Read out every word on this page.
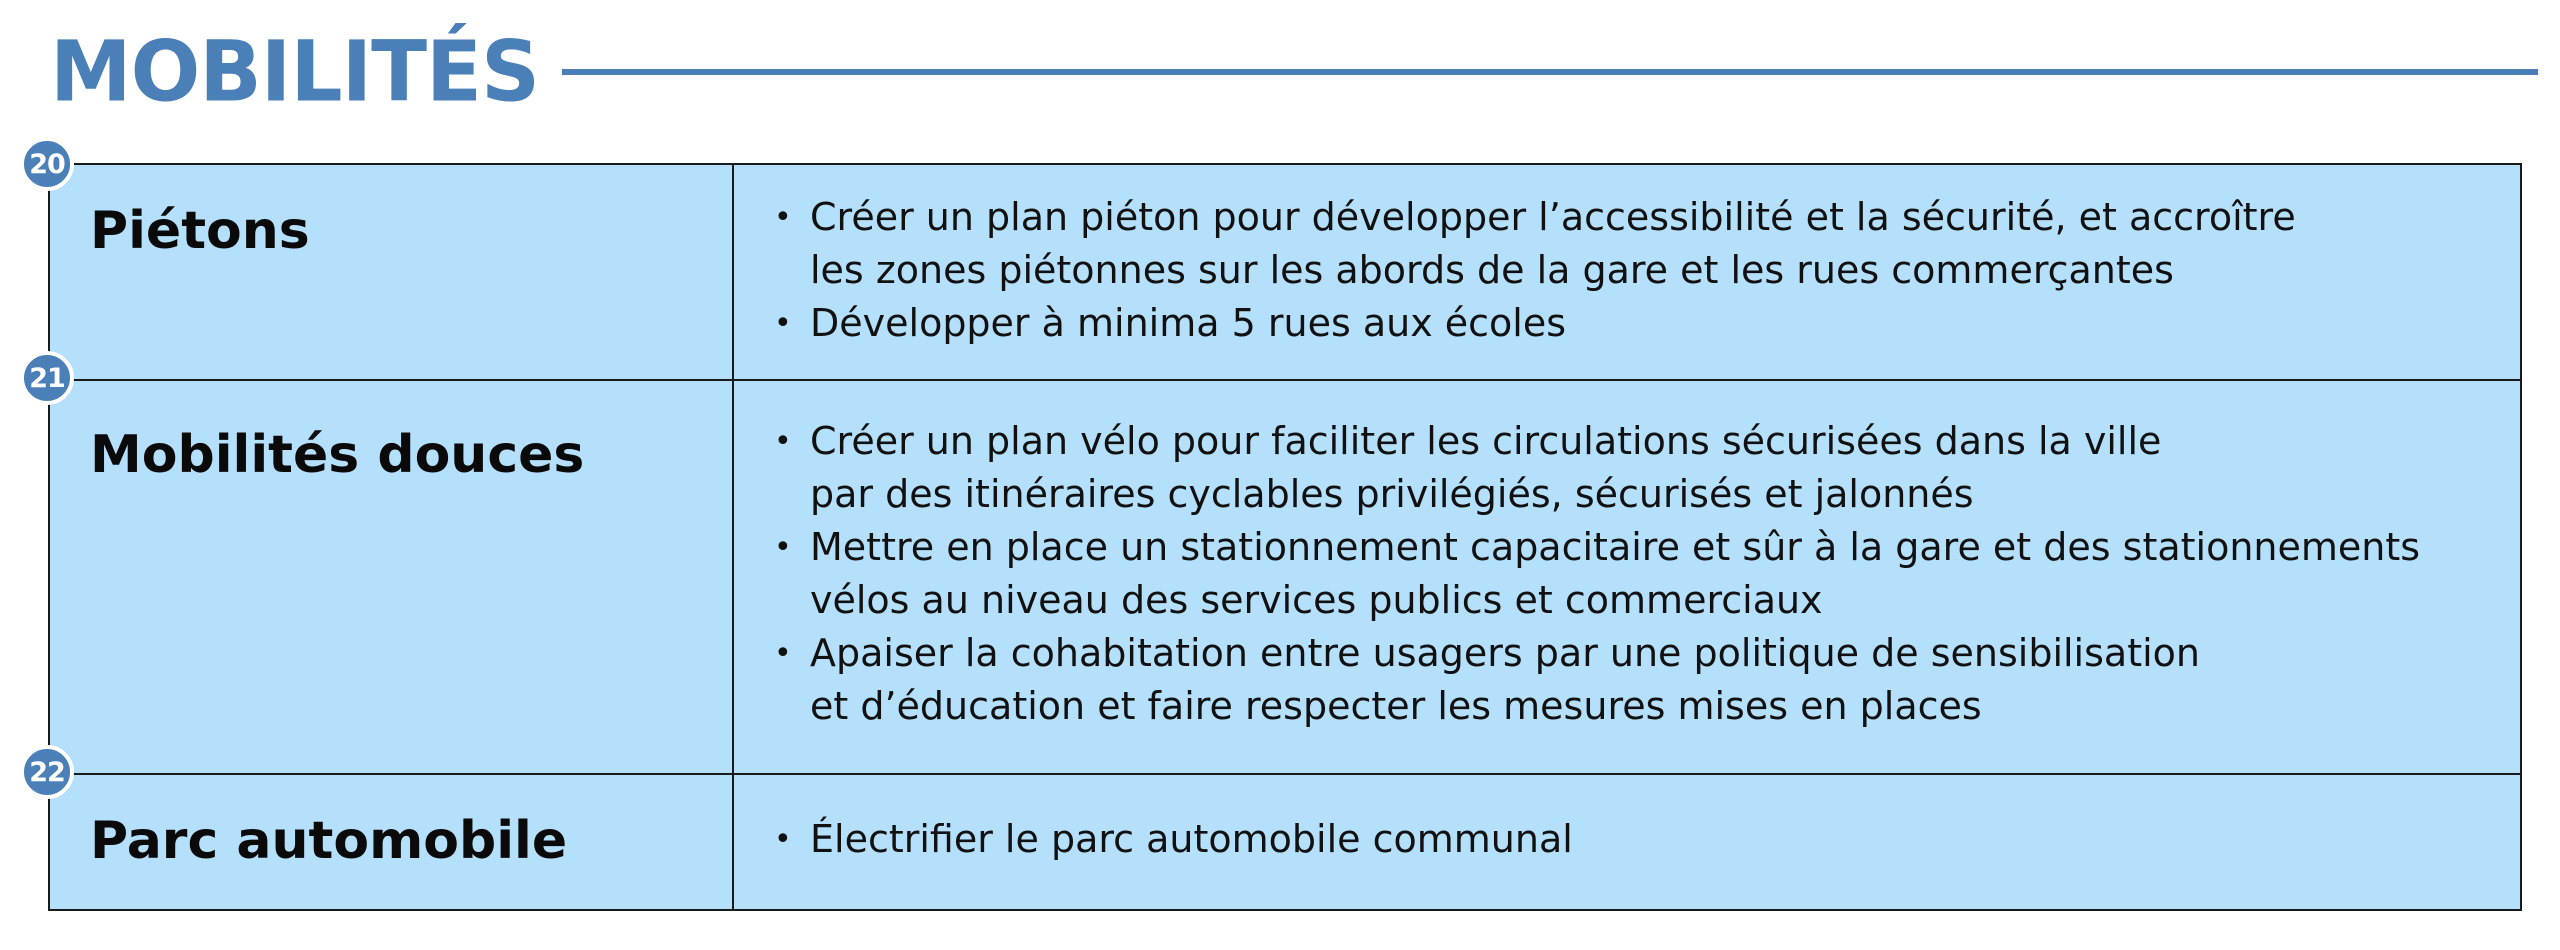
MOBILITÉS
Piétons	• Créer un plan piéton pour développer l’accessibilité et la sécurité, et accroître
les zones piétonnes sur les abords de la gare et les rues commerçantes
• Développer à minima 5 rues aux écoles
Mobilités douces	• Créer un plan vélo pour faciliter les circulations sécurisées dans la ville
par des itinéraires cyclables privilégiés, sécurisés et jalonnés
• Mettre en place un stationnement capacitaire et sûr à la gare et des stationnements
vélos au niveau des services publics et commerciaux
• Apaiser la cohabitation entre usagers par une politique de sensibilisation
et d’éducation et faire respecter les mesures mises en places
Parc automobile	• Électrifier le parc automobile communal
20
21
22
